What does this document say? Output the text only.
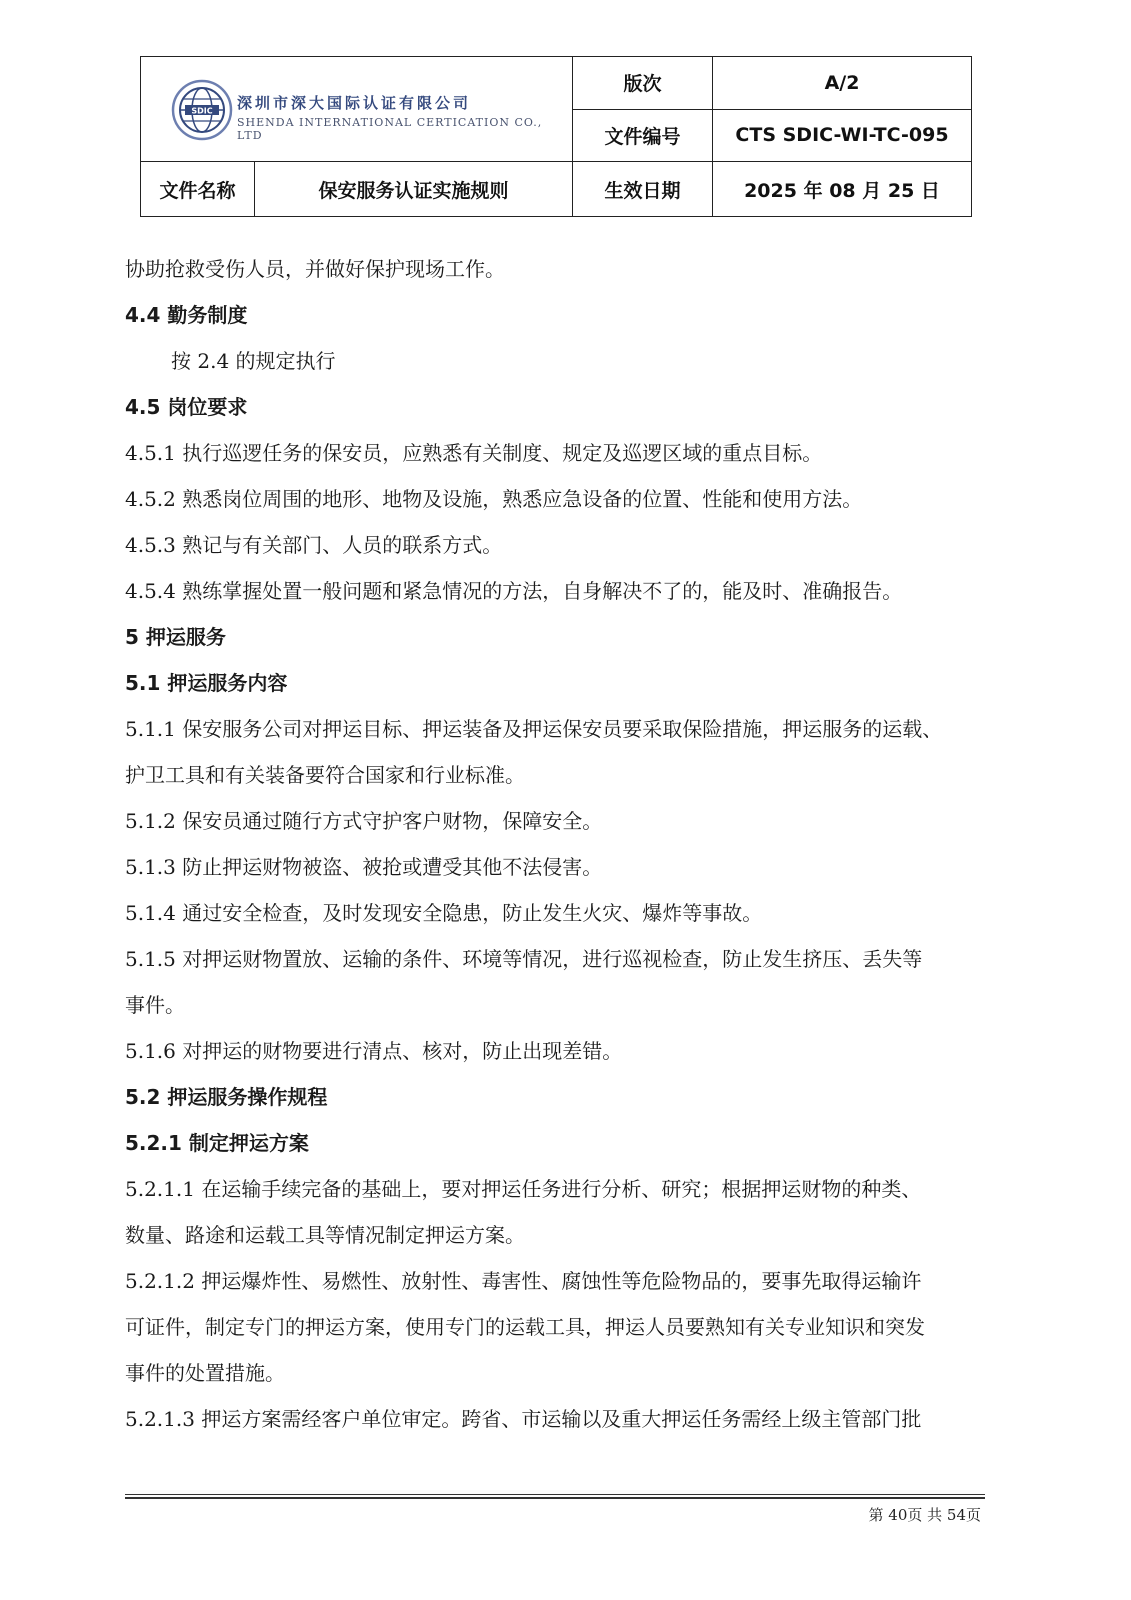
SDIC 深圳市深大国际认证有限公司
SHENDA INTERNATIONAL CERTICATION CO., LTD		版次	A/2
		文件编号	CTS SDIC-WI-TC-095
文件名称	保安服务认证实施规则	生效日期	2025 年 08 月 25 日

协助抢救受伤人员，并做好保护现场工作。

4.4 勤务制度

按 2.4 的规定执行

4.5 岗位要求

4.5.1 执行巡逻任务的保安员，应熟悉有关制度、规定及巡逻区域的重点目标。

4.5.2 熟悉岗位周围的地形、地物及设施，熟悉应急设备的位置、性能和使用方法。

4.5.3 熟记与有关部门、人员的联系方式。

4.5.4 熟练掌握处置一般问题和紧急情况的方法，自身解决不了的，能及时、准确报告。

5 押运服务

5.1 押运服务内容

5.1.1 保安服务公司对押运目标、押运装备及押运保安员要采取保险措施，押运服务的运载、

护卫工具和有关装备要符合国家和行业标准。

5.1.2 保安员通过随行方式守护客户财物，保障安全。

5.1.3 防止押运财物被盗、被抢或遭受其他不法侵害。

5.1.4 通过安全检查，及时发现安全隐患，防止发生火灾、爆炸等事故。

5.1.5 对押运财物置放、运输的条件、环境等情况，进行巡视检查，防止发生挤压、丢失等

事件。

5.1.6 对押运的财物要进行清点、核对，防止出现差错。

5.2 押运服务操作规程

5.2.1 制定押运方案

5.2.1.1 在运输手续完备的基础上，要对押运任务进行分析、研究；根据押运财物的种类、

数量、路途和运载工具等情况制定押运方案。

5.2.1.2 押运爆炸性、易燃性、放射性、毒害性、腐蚀性等危险物品的，要事先取得运输许

可证件，制定专门的押运方案，使用专门的运载工具，押运人员要熟知有关专业知识和突发

事件的处置措施。

5.2.1.3 押运方案需经客户单位审定。跨省、市运输以及重大押运任务需经上级主管部门批

第 40页 共 54页
